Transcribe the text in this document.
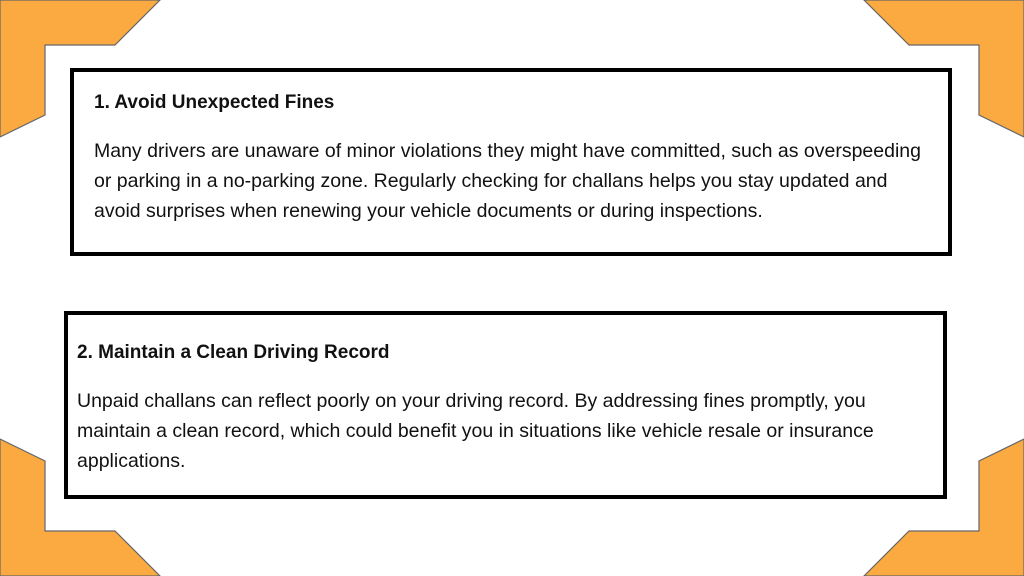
1. Avoid Unexpected Fines

Many drivers are unaware of minor violations they might have committed, such as overspeeding or parking in a no-parking zone. Regularly checking for challans helps you stay updated and avoid surprises when renewing your vehicle documents or during inspections.

2. Maintain a Clean Driving Record

Unpaid challans can reflect poorly on your driving record. By addressing fines promptly, you maintain a clean record, which could benefit you in situations like vehicle resale or insurance applications.
